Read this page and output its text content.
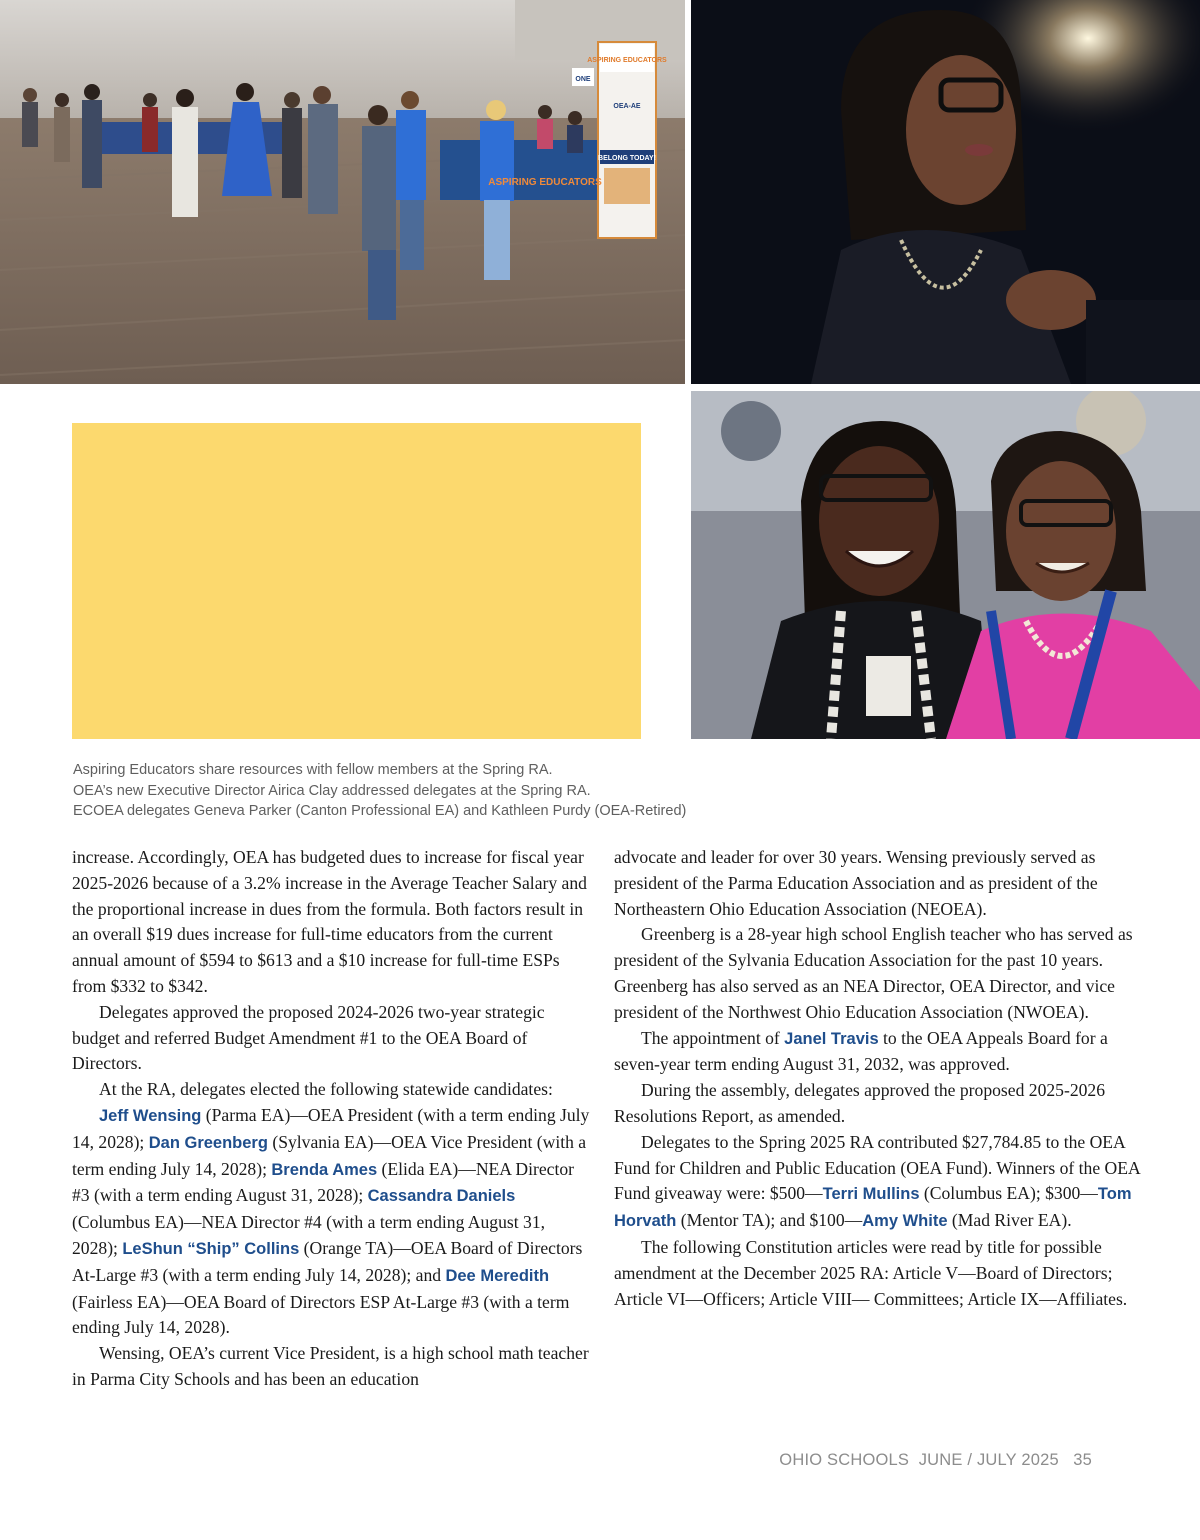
ASPIRING EDUCATORS
OEA-AE
BELONG TODAY!
ASPIRING EDUCATORS
ONE
Aspiring Educators share resources with fellow members at the Spring RA.
OEA’s new Executive Director Airica Clay addressed delegates at the Spring RA.
ECOEA delegates Geneva Parker (Canton Professional EA) and Kathleen Purdy (OEA-Retired)

increase. Accordingly, OEA has budgeted dues to increase for fiscal year 2025-2026 because of a 3.2% increase in the Average Teacher Salary and the proportional increase in dues from the formula. Both factors result in an overall $19 dues increase for full-time educators from the current annual amount of $594 to $613 and a $10 increase for full-time ESPs from $332 to $342.

Delegates approved the proposed 2024-2026 two-year strategic budget and referred Budget Amendment #1 to the OEA Board of Directors.

At the RA, delegates elected the following statewide candidates:

Jeff Wensing (Parma EA)—OEA President (with a term ending July 14, 2028); Dan Greenberg (Sylvania EA)—OEA Vice President (with a term ending July 14, 2028); Brenda Ames (Elida EA)—NEA Director #3 (with a term ending August 31, 2028); Cassandra Daniels (Columbus EA)—NEA Director #4 (with a term ending August 31, 2028); LeShun “Ship” Collins (Orange TA)—OEA Board of Directors At-Large #3 (with a term ending July 14, 2028); and Dee Meredith (Fairless EA)—OEA Board of Directors ESP At-Large #3 (with a term ending July 14, 2028).

Wensing, OEA’s current Vice President, is a high school math teacher in Parma City Schools and has been an education

advocate and leader for over 30 years. Wensing previously served as president of the Parma Education Association and as president of the Northeastern Ohio Education Association (NEOEA).

Greenberg is a 28-year high school English teacher who has served as president of the Sylvania Education Association for the past 10 years. Greenberg has also served as an NEA Director, OEA Director, and vice president of the Northwest Ohio Education Association (NWOEA).

The appointment of Janel Travis to the OEA Appeals Board for a seven-year term ending August 31, 2032, was approved.

During the assembly, delegates approved the proposed 2025-2026 Resolutions Report, as amended.

Delegates to the Spring 2025 RA contributed $27,784.85 to the OEA Fund for Children and Public Education (OEA Fund). Winners of the OEA Fund giveaway were: $500—Terri Mullins (Columbus EA); $300—Tom Horvath (Mentor TA); and $100—Amy White (Mad River EA).

The following Constitution articles were read by title for possible amendment at the December 2025 RA: Article V—Board of Directors; Article VI—Officers; Article VIII— Committees; Article IX—Affiliates.

OHIO SCHOOLS  JUNE / JULY 2025 35
